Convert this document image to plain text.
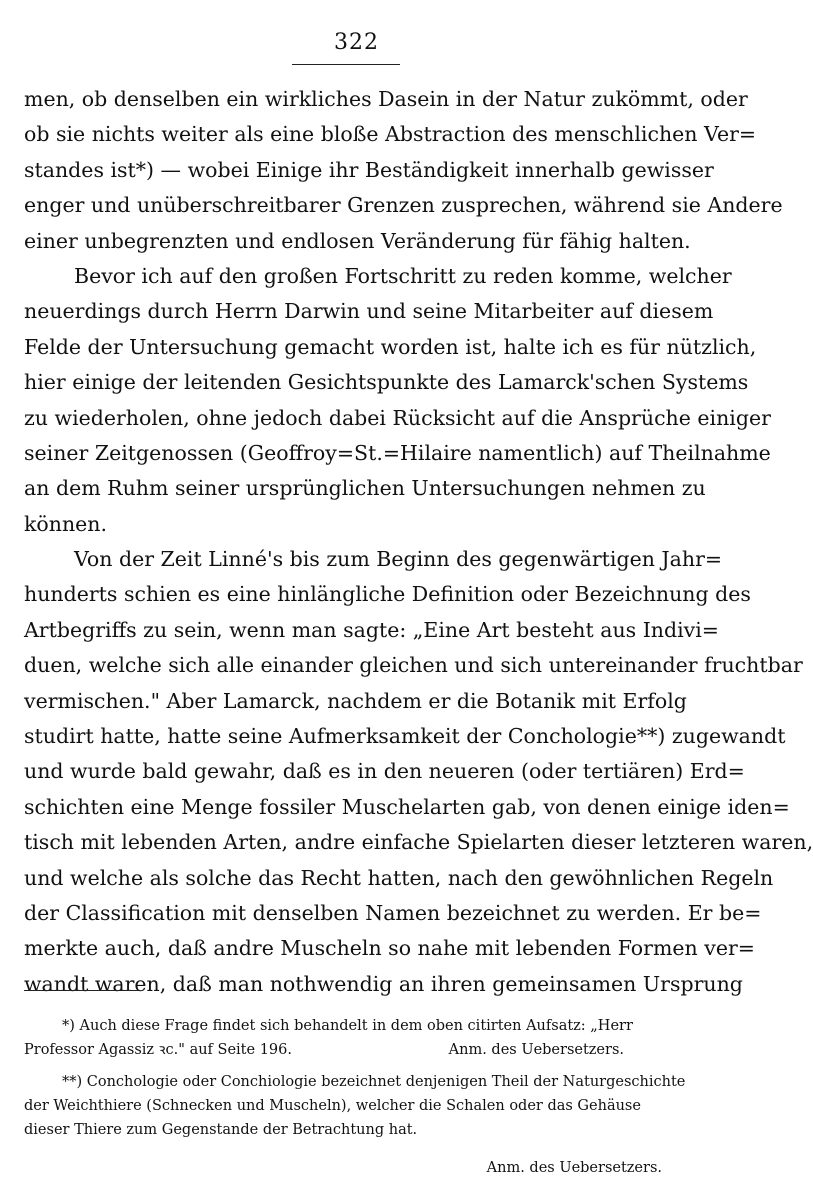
322
men, ob denselben ein wirkliches Dasein in der Natur zukömmt, oder
ob sie nichts weiter als eine bloße Abstraction des menschlichen Ver=
standes ist*) — wobei Einige ihr Beständigkeit innerhalb gewisser
enger und unüberschreitbarer Grenzen zusprechen, während sie Andere
einer unbegrenzten und endlosen Veränderung für fähig halten.
Bevor ich auf den großen Fortschritt zu reden komme, welcher
neuerdings durch Herrn Darwin und seine Mitarbeiter auf diesem
Felde der Untersuchung gemacht worden ist, halte ich es für nützlich,
hier einige der leitenden Gesichtspunkte des Lamarck'schen Systems
zu wiederholen, ohne jedoch dabei Rücksicht auf die Ansprüche einiger
seiner Zeitgenossen (Geoffroy=St.=Hilaire namentlich) auf Theilnahme
an dem Ruhm seiner ursprünglichen Untersuchungen nehmen zu
können.
Von der Zeit Linné's bis zum Beginn des gegenwärtigen Jahr=
hunderts schien es eine hinlängliche Definition oder Bezeichnung des
Artbegriffs zu sein, wenn man sagte: „Eine Art besteht aus Indivi=
duen, welche sich alle einander gleichen und sich untereinander fruchtbar
vermischen." Aber Lamarck, nachdem er die Botanik mit Erfolg
studirt hatte, hatte seine Aufmerksamkeit der Conchologie**) zugewandt
und wurde bald gewahr, daß es in den neueren (oder tertiären) Erd=
schichten eine Menge fossiler Muschelarten gab, von denen einige iden=
tisch mit lebenden Arten, andre einfache Spielarten dieser letzteren waren,
und welche als solche das Recht hatten, nach den gewöhnlichen Regeln
der Classification mit denselben Namen bezeichnet zu werden. Er be=
merkte auch, daß andre Muscheln so nahe mit lebenden Formen ver=
wandt waren, daß man nothwendig an ihren gemeinsamen Ursprung
*) Auch diese Frage findet sich behandelt in dem oben citirten Aufsatz: „Herr
Professor Agassiz ꝛc." auf Seite 196.	Anm. des Uebersetzers.
**) Conchologie oder Conchiologie bezeichnet denjenigen Theil der Naturgeschichte
der Weichthiere (Schnecken und Muscheln), welcher die Schalen oder das Gehäuse
dieser Thiere zum Gegenstande der Betrachtung hat.
Anm. des Uebersetzers.
